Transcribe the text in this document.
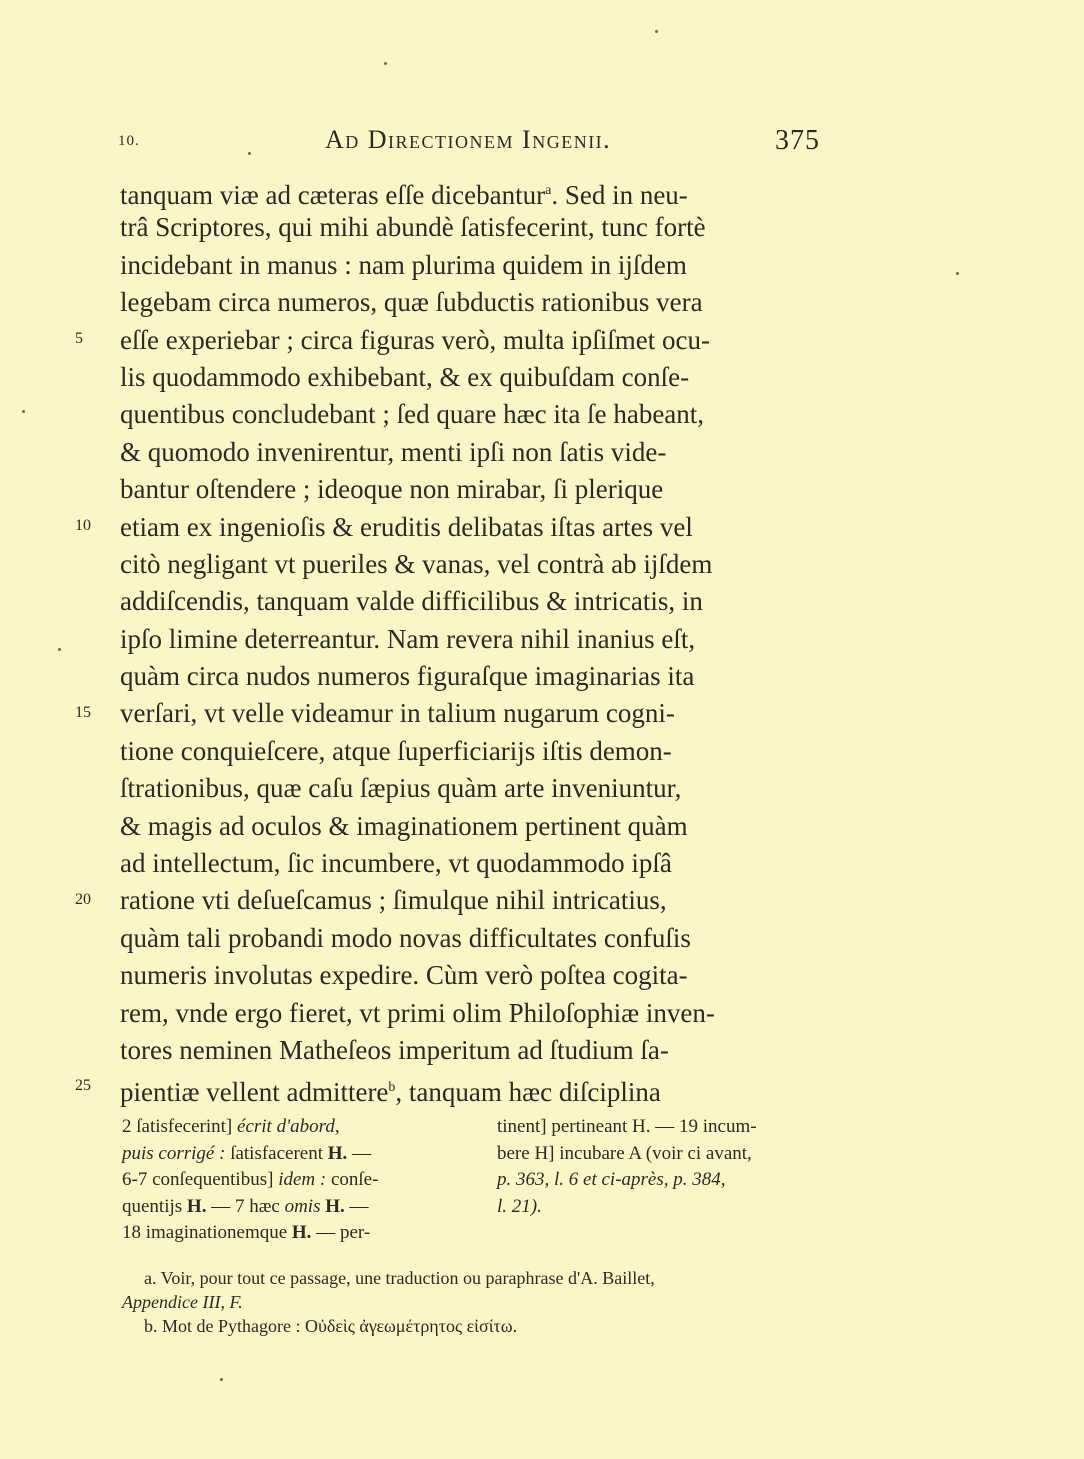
10.	Ad Directionem Ingenii.	375
tanquam viæ ad cæteras eſſe dicebantur$^a$. Sed in neu-
trâ Scriptores, qui mihi abundè ſatisfecerint, tunc fortè
incidebant in manus : nam plurima quidem in ijſdem
legebam circa numeros, quæ ſubductis rationibus vera
eſſe experiebar ; circa figuras verò, multa ipſiſmet ocu-
lis quodammodo exhibebant, & ex quibuſdam conſe-
quentibus concludebant ; ſed quare hæc ita ſe habeant,
& quomodo invenirentur, menti ipſi non ſatis vide-
bantur oſtendere ; ideoque non mirabar, ſi plerique
etiam ex ingenioſis & eruditis delibatas iſtas artes vel
citò negligant vt pueriles & vanas, vel contrà ab ijſdem
addiſcendis, tanquam valde difficilibus & intricatis, in
ipſo limine deterreantur. Nam revera nihil inanius eſt,
quàm circa nudos numeros figuraſque imaginarias ita
verſari, vt velle videamur in talium nugarum cogni-
tione conquieſcere, atque ſuperficiarijs iſtis demon-
ſtrationibus, quæ caſu ſæpius quàm arte inveniuntur,
& magis ad oculos & imaginationem pertinent quàm
ad intellectum, ſic incumbere, vt quodammodo ipſâ
ratione vti deſueſcamus ; ſimulque nihil intricatius,
quàm tali probandi modo novas difficultates confuſis
numeris involutas expedire. Cùm verò poſtea cogita-
rem, vnde ergo fieret, vt primi olim Philoſophiæ inven-
tores neminen Matheſeos imperitum ad ſtudium ſa-
pientiæ vellent admittere$^b$, tanquam hæc diſciplina
5
10
15
20
25
2 ſatisfecerint] écrit d'abord,
puis corrigé : ſatisfacerent H. —
6-7 conſequentibus] idem : conſe-
quentijs H. — 7 hæc omis H. —
18 imaginationemque H. — per-
tinent] pertineant H. — 19 incum-
bere H] incubare A (voir ci avant,
p. 363, l. 6 et ci-après, p. 384,
l. 21).
a. Voir, pour tout ce passage, une traduction ou paraphrase d'A. Baillet,
Appendice III, F.
b. Mot de Pythagore : Οὐδεὶς ἀγεωμέτρητος εἰσίτω.
